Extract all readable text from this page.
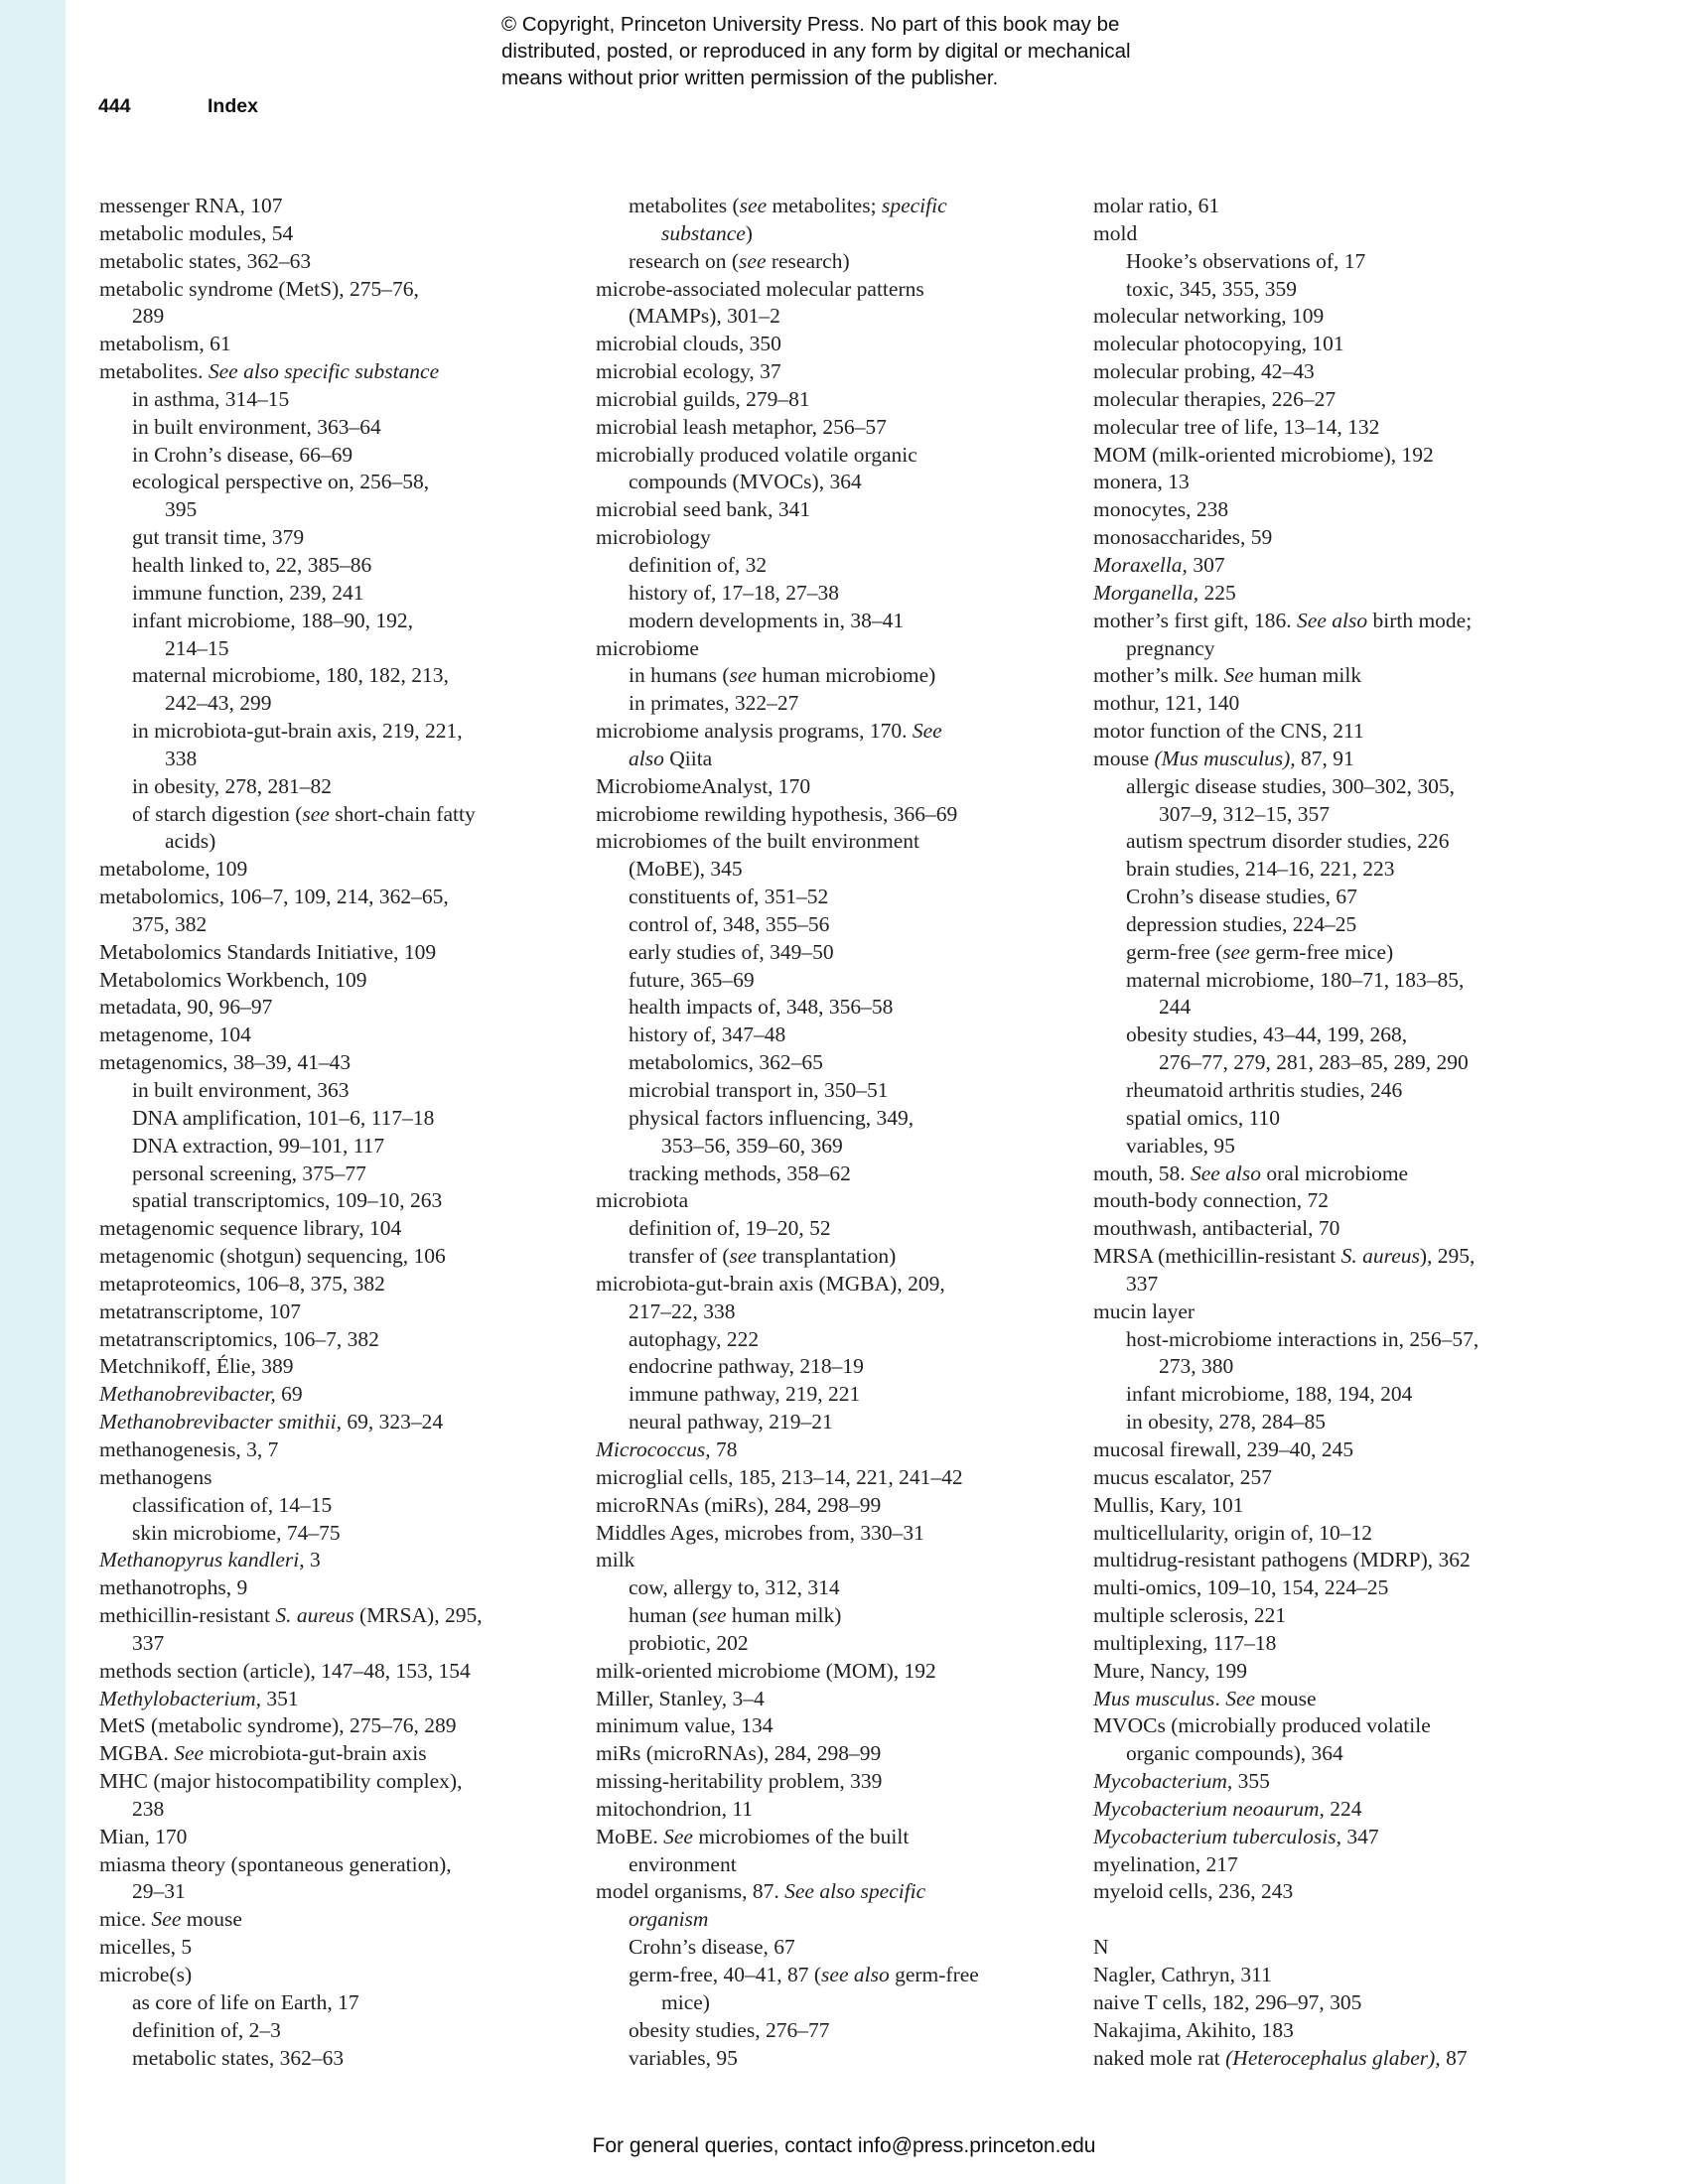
© Copyright, Princeton University Press. No part of this book may be
distributed, posted, or reproduced in any form by digital or mechanical
means without prior written permission of the publisher.
444	Index
messenger RNA, 107
metabolic modules, 54
metabolic states, 362–63
metabolic syndrome (MetS), 275–76,
289
metabolism, 61
metabolites. See also specific substance
in asthma, 314–15
in built environment, 363–64
in Crohn’s disease, 66–69
ecological perspective on, 256–58,
395
gut transit time, 379
health linked to, 22, 385–86
immune function, 239, 241
infant microbiome, 188–90, 192,
214–15
maternal microbiome, 180, 182, 213,
242–43, 299
in microbiota-gut-brain axis, 219, 221,
338
in obesity, 278, 281–82
of starch digestion (see short-chain fatty
acids)
metabolome, 109
metabolomics, 106–7, 109, 214, 362–65,
375, 382
Metabolomics Standards Initiative, 109
Metabolomics Workbench, 109
metadata, 90, 96–97
metagenome, 104
metagenomics, 38–39, 41–43
in built environment, 363
DNA amplification, 101–6, 117–18
DNA extraction, 99–101, 117
personal screening, 375–77
spatial transcriptomics, 109–10, 263
metagenomic sequence library, 104
metagenomic (shotgun) sequencing, 106
metaproteomics, 106–8, 375, 382
metatranscriptome, 107
metatranscriptomics, 106–7, 382
Metchnikoff, Élie, 389
Methanobrevibacter, 69
Methanobrevibacter smithii, 69, 323–24
methanogenesis, 3, 7
methanogens
classification of, 14–15
skin microbiome, 74–75
Methanopyrus kandleri, 3
methanotrophs, 9
methicillin-resistant S. aureus (MRSA), 295,
337
methods section (article), 147–48, 153, 154
Methylobacterium, 351
MetS (metabolic syndrome), 275–76, 289
MGBA. See microbiota-gut-brain axis
MHC (major histocompatibility complex),
238
Mian, 170
miasma theory (spontaneous generation),
29–31
mice. See mouse
micelles, 5
microbe(s)
as core of life on Earth, 17
definition of, 2–3
metabolic states, 362–63
metabolites (see metabolites; specific
substance)
research on (see research)
microbe-associated molecular patterns
(MAMPs), 301–2
microbial clouds, 350
microbial ecology, 37
microbial guilds, 279–81
microbial leash metaphor, 256–57
microbially produced volatile organic
compounds (MVOCs), 364
microbial seed bank, 341
microbiology
definition of, 32
history of, 17–18, 27–38
modern developments in, 38–41
microbiome
in humans (see human microbiome)
in primates, 322–27
microbiome analysis programs, 170. See
also Qiita
MicrobiomeAnalyst, 170
microbiome rewilding hypothesis, 366–69
microbiomes of the built environment
(MoBE), 345
constituents of, 351–52
control of, 348, 355–56
early studies of, 349–50
future, 365–69
health impacts of, 348, 356–58
history of, 347–48
metabolomics, 362–65
microbial transport in, 350–51
physical factors influencing, 349,
353–56, 359–60, 369
tracking methods, 358–62
microbiota
definition of, 19–20, 52
transfer of (see transplantation)
microbiota-gut-brain axis (MGBA), 209,
217–22, 338
autophagy, 222
endocrine pathway, 218–19
immune pathway, 219, 221
neural pathway, 219–21
Micrococcus, 78
microglial cells, 185, 213–14, 221, 241–42
microRNAs (miRs), 284, 298–99
Middles Ages, microbes from, 330–31
milk
cow, allergy to, 312, 314
human (see human milk)
probiotic, 202
milk-oriented microbiome (MOM), 192
Miller, Stanley, 3–4
minimum value, 134
miRs (microRNAs), 284, 298–99
missing-heritability problem, 339
mitochondrion, 11
MoBE. See microbiomes of the built
environment
model organisms, 87. See also specific
organism
Crohn’s disease, 67
germ-free, 40–41, 87 (see also germ-free
mice)
obesity studies, 276–77
variables, 95
molar ratio, 61
mold
Hooke’s observations of, 17
toxic, 345, 355, 359
molecular networking, 109
molecular photocopying, 101
molecular probing, 42–43
molecular therapies, 226–27
molecular tree of life, 13–14, 132
MOM (milk-oriented microbiome), 192
monera, 13
monocytes, 238
monosaccharides, 59
Moraxella, 307
Morganella, 225
mother’s first gift, 186. See also birth mode;
pregnancy
mother’s milk. See human milk
mothur, 121, 140
motor function of the CNS, 211
mouse (Mus musculus), 87, 91
allergic disease studies, 300–302, 305,
307–9, 312–15, 357
autism spectrum disorder studies, 226
brain studies, 214–16, 221, 223
Crohn’s disease studies, 67
depression studies, 224–25
germ-free (see germ-free mice)
maternal microbiome, 180–71, 183–85,
244
obesity studies, 43–44, 199, 268,
276–77, 279, 281, 283–85, 289, 290
rheumatoid arthritis studies, 246
spatial omics, 110
variables, 95
mouth, 58. See also oral microbiome
mouth-body connection, 72
mouthwash, antibacterial, 70
MRSA (methicillin-resistant S. aureus), 295,
337
mucin layer
host-microbiome interactions in, 256–57,
273, 380
infant microbiome, 188, 194, 204
in obesity, 278, 284–85
mucosal firewall, 239–40, 245
mucus escalator, 257
Mullis, Kary, 101
multicellularity, origin of, 10–12
multidrug-resistant pathogens (MDRP), 362
multi-omics, 109–10, 154, 224–25
multiple sclerosis, 221
multiplexing, 117–18
Mure, Nancy, 199
Mus musculus. See mouse
MVOCs (microbially produced volatile
organic compounds), 364
Mycobacterium, 355
Mycobacterium neoaurum, 224
Mycobacterium tuberculosis, 347
myelination, 217
myeloid cells, 236, 243
N
Nagler, Cathryn, 311
naive T cells, 182, 296–97, 305
Nakajima, Akihito, 183
naked mole rat (Heterocephalus glaber), 87
For general queries, contact info@press.princeton.edu
